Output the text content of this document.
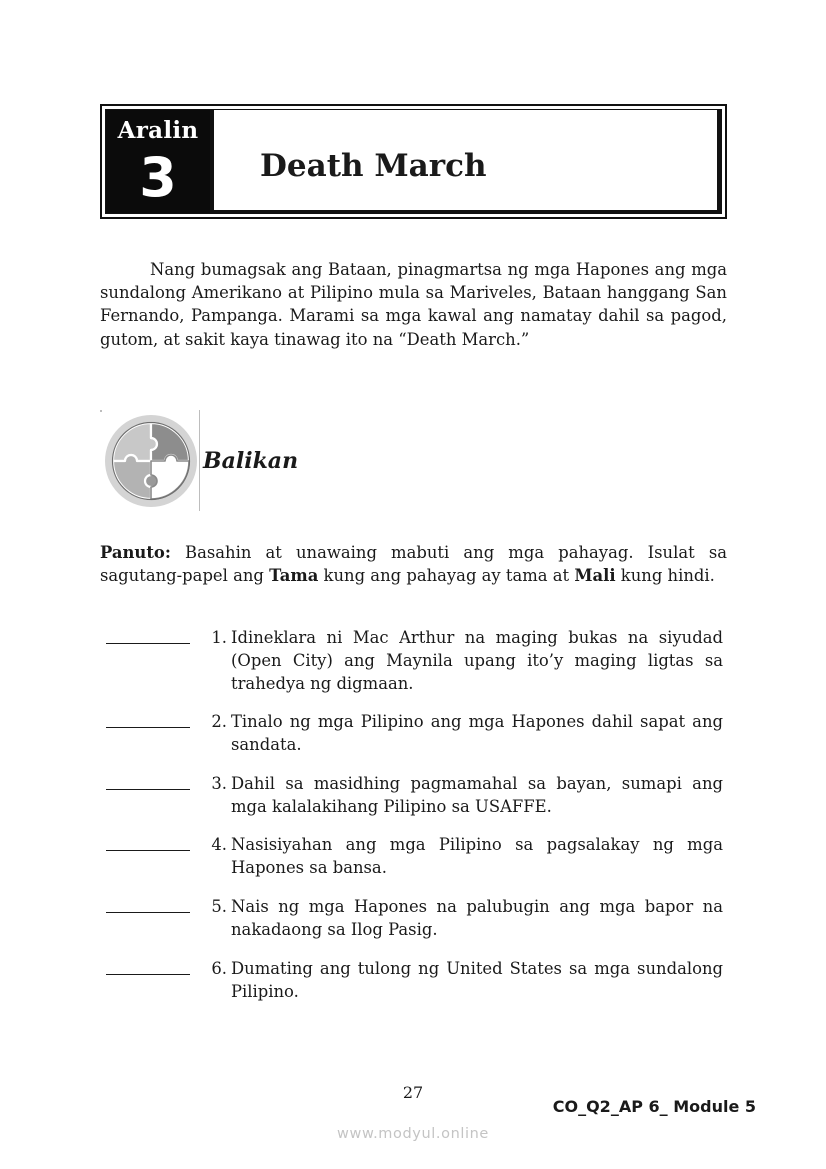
Aralin
3	Death March

Nang bumagsak ang Bataan, pinagmartsa ng mga Hapones ang mga sundalong Amerikano at Pilipino mula sa Mariveles, Bataan hanggang San Fernando, Pampanga. Marami sa mga kawal ang namatay dahil sa pagod, gutom, at sakit kaya tinawag ito na “Death March.”

Balikan

Panuto: Basahin at unawaing mabuti ang mga pahayag. Isulat sa sagutang-papel ang Tama kung ang pahayag ay tama at Mali kung hindi.

1. Idineklara ni Mac Arthur na maging bukas na siyudad (Open City) ang Maynila upang ito’y maging ligtas sa trahedya ng digmaan.

2. Tinalo ng mga Pilipino ang mga Hapones dahil sapat ang sandata.

3. Dahil sa masidhing pagmamahal sa bayan, sumapi ang mga kalalakihang Pilipino sa USAFFE.

4. Nasisiyahan ang mga Pilipino sa pagsalakay ng mga Hapones sa bansa.

5. Nais ng mga Hapones na palubugin ang mga bapor na nakadaong sa Ilog Pasig.

6. Dumating ang tulong ng United States sa mga sundalong Pilipino.

27
CO_Q2_AP 6_ Module 5
www.modyul.online
